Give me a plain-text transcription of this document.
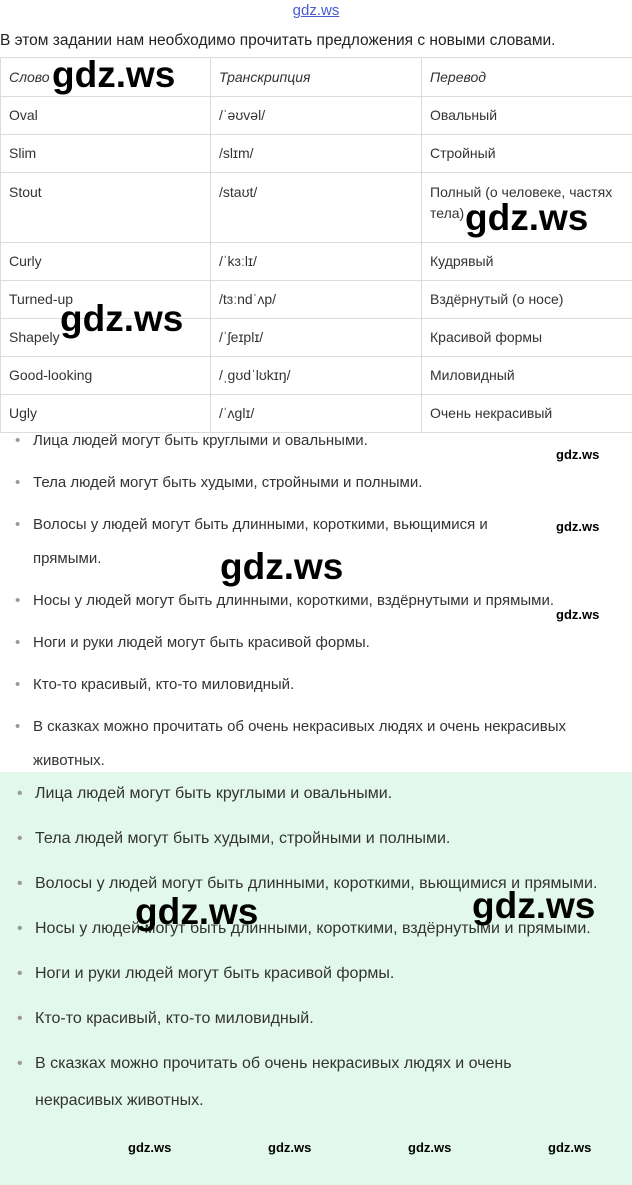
gdz.ws
В этом задании нам необходимо прочитать предложения с новыми словами.
Слово	Транскрипция	Перевод
Oval	/ˈəʊvəl/	Овальный
Slim	/slɪm/	Стройный
Stout	/staʊt/	Полный (о человеке, частях тела)
Curly	/ˈkɜːlɪ/	Кудрявый
Turned-up	/tɜːndˈʌp/	Вздёрнутый (о носе)
Shapely	/ˈʃeɪplɪ/	Красивой формы
Good-looking	/ˌɡʊdˈlʊkɪŋ/	Миловидный
Ugly	/ˈʌɡlɪ/	Очень некрасивый
• Лица людей могут быть круглыми и овальными.
• Тела людей могут быть худыми, стройными и полными.
• Волосы у людей могут быть длинными, короткими, вьющимися и прямыми.
• Носы у людей могут быть длинными, короткими, вздёрнутыми и прямыми.
• Ноги и руки людей могут быть красивой формы.
• Кто-то красивый, кто-то миловидный.
• В сказках можно прочитать об очень некрасивых людях и очень некрасивых животных.
• Лица людей могут быть круглыми и овальными.
• Тела людей могут быть худыми, стройными и полными.
• Волосы у людей могут быть длинными, короткими, вьющимися и прямыми.
• Носы у людей могут быть длинными, короткими, вздёрнутыми и прямыми.
• Ноги и руки людей могут быть красивой формы.
• Кто-то красивый, кто-то миловидный.
• В сказках можно прочитать об очень некрасивых людях и очень некрасивых животных.
gdz.ws
gdz.ws
gdz.ws
gdz.ws
gdz.ws
gdz.ws
gdz.ws
gdz.ws	gdz.ws
gdz.ws	gdz.ws	gdz.ws	gdz.ws
